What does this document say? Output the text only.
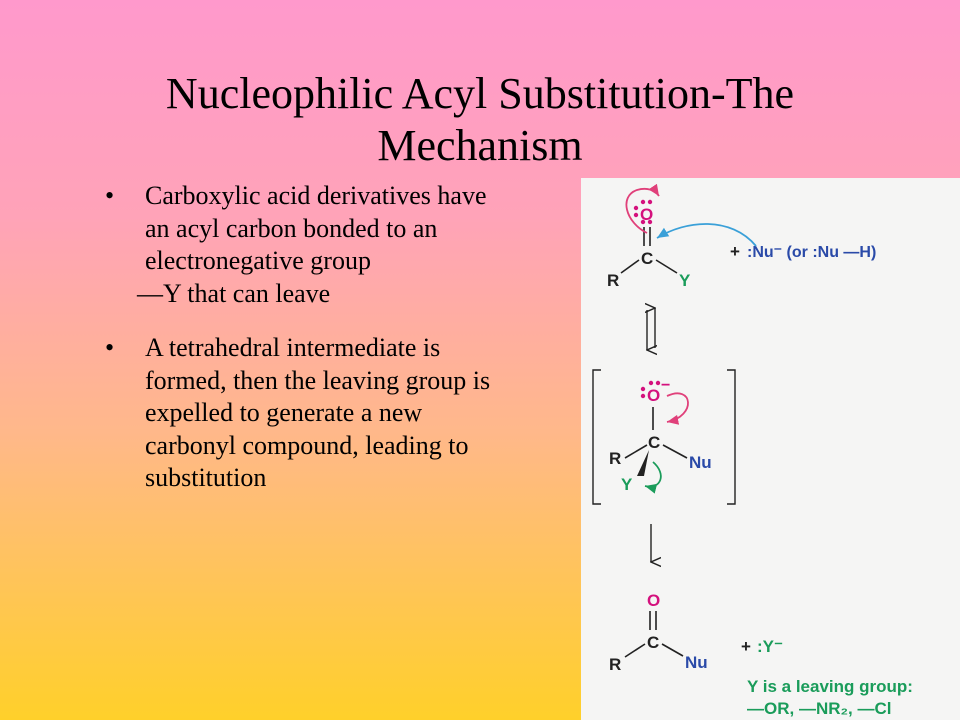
Nucleophilic Acyl Substitution-The
Mechanism
• Carboxylic acid derivatives have an acyl carbon bonded to an electronegative group
—Y that can leave
• A tetrahedral intermediate is formed, then the leaving group is expelled to generate a new carbonyl compound, leading to substitution
O
C
R	Y
+ :Nu⁻ (or :Nu —H)
O
−
C
R	Nu
Y
O
C
R	Nu
+ :Y⁻
Y is a leaving group:
—OR, —NR₂, —Cl
